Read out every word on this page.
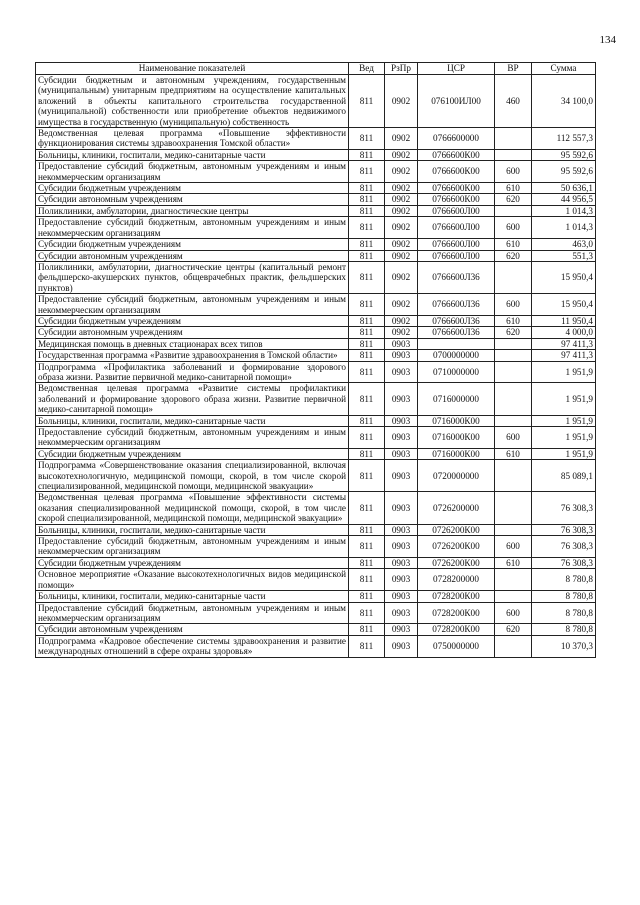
134
Наименование показателей	Вед	РзПр	ЦСР	ВР	Сумма
Субсидии бюджетным и автономным учреждениям, государственным (муниципальным) унитарным предприятиям на осуществление капитальных вложений в объекты капитального строительства государственной (муниципальной) собственности или приобретение объектов недвижимого имущества в государственную (муниципальную) собственность	811	0902	076100ИЛ00	460	34 100,0
Ведомственная целевая программа «Повышение эффективности функционирования системы здравоохранения Томской области»	811	0902	0766600000		112 557,3
Больницы, клиники, госпитали, медико-санитарные части	811	0902	0766600К00		95 592,6
Предоставление субсидий бюджетным, автономным учреждениям и иным некоммерческим организациям	811	0902	0766600К00	600	95 592,6
Субсидии бюджетным учреждениям	811	0902	0766600К00	610	50 636,1
Субсидии автономным учреждениям	811	0902	0766600К00	620	44 956,5
Поликлиники, амбулатории, диагностические центры	811	0902	0766600Л00		1 014,3
Предоставление субсидий бюджетным, автономным учреждениям и иным некоммерческим организациям	811	0902	0766600Л00	600	1 014,3
Субсидии бюджетным учреждениям	811	0902	0766600Л00	610	463,0
Субсидии автономным учреждениям	811	0902	0766600Л00	620	551,3
Поликлиники, амбулатории, диагностические центры (капитальный ремонт фельдшерско-акушерских пунктов, общеврачебных практик, фельдшерских пунктов)	811	0902	0766600Л36		15 950,4
Предоставление субсидий бюджетным, автономным учреждениям и иным некоммерческим организациям	811	0902	0766600Л36	600	15 950,4
Субсидии бюджетным учреждениям	811	0902	0766600Л36	610	11 950,4
Субсидии автономным учреждениям	811	0902	0766600Л36	620	4 000,0
Медицинская помощь в дневных стационарах всех типов	811	0903			97 411,3
Государственная программа «Развитие здравоохранения в Томской области»	811	0903	0700000000		97 411,3
Подпрограмма «Профилактика заболеваний и формирование здорового образа жизни. Развитие первичной медико-санитарной помощи»	811	0903	0710000000		1 951,9
Ведомственная целевая программа «Развитие системы профилактики заболеваний и формирование здорового образа жизни. Развитие первичной медико-санитарной помощи»	811	0903	0716000000		1 951,9
Больницы, клиники, госпитали, медико-санитарные части	811	0903	0716000К00		1 951,9
Предоставление субсидий бюджетным, автономным учреждениям и иным некоммерческим организациям	811	0903	0716000К00	600	1 951,9
Субсидии бюджетным учреждениям	811	0903	0716000К00	610	1 951,9
Подпрограмма «Совершенствование оказания специализированной, включая высокотехнологичную, медицинской помощи, скорой, в том числе скорой специализированной, медицинской помощи, медицинской эвакуации»	811	0903	0720000000		85 089,1
Ведомственная целевая программа «Повышение эффективности системы оказания специализированной медицинской помощи, скорой, в том числе скорой специализированной, медицинской помощи, медицинской эвакуации»	811	0903	0726200000		76 308,3
Больницы, клиники, госпитали, медико-санитарные части	811	0903	0726200К00		76 308,3
Предоставление субсидий бюджетным, автономным учреждениям и иным некоммерческим организациям	811	0903	0726200К00	600	76 308,3
Субсидии бюджетным учреждениям	811	0903	0726200К00	610	76 308,3
Основное мероприятие «Оказание высокотехнологичных видов медицинской помощи»	811	0903	0728200000		8 780,8
Больницы, клиники, госпитали, медико-санитарные части	811	0903	0728200К00		8 780,8
Предоставление субсидий бюджетным, автономным учреждениям и иным некоммерческим организациям	811	0903	0728200К00	600	8 780,8
Субсидии автономным учреждениям	811	0903	0728200К00	620	8 780,8
Подпрограмма «Кадровое обеспечение системы здравоохранения и развитие международных отношений в сфере охраны здоровья»	811	0903	0750000000		10 370,3
